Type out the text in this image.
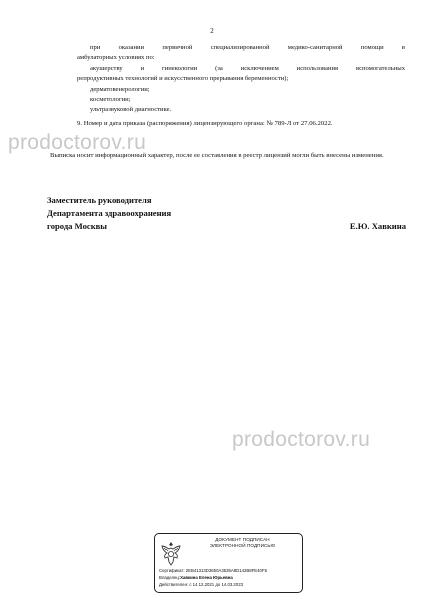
2
при	оказании	первичной	специализированной	медико-санитарной	помощи	в
амбулаторных условиях по:
акушерству	и	гинекологии	(за	исключением	использования	вспомогательных
репродуктивных технологий и искусственного прерывания беременности);
дерматовенерологии;
косметологии;
ультразвуковой диагностике.
9. Номер и дата приказа (распоряжения) лицензирующего органа: № 789-Л от 27.06.2022.
prodoctorov.ru
Выписка носит информационный характер, после ее составления в реестр лицензий могли быть внесены изменения.
Заместитель руководителя
Департамента здравоохранения
города Москвы	Е.Ю. Хавкина
prodoctorov.ru
ДОКУМЕНТ ПОДПИСАН
ЭЛЕКТРОННОЙ ПОДПИСЬЮ
Сертификат: 2EB41313D3650A3536A8D142B8FE40F5
Владелец:Хавкина Елена Юрьевна
Действителен: с 14.12.2021 до 14.03.2023
